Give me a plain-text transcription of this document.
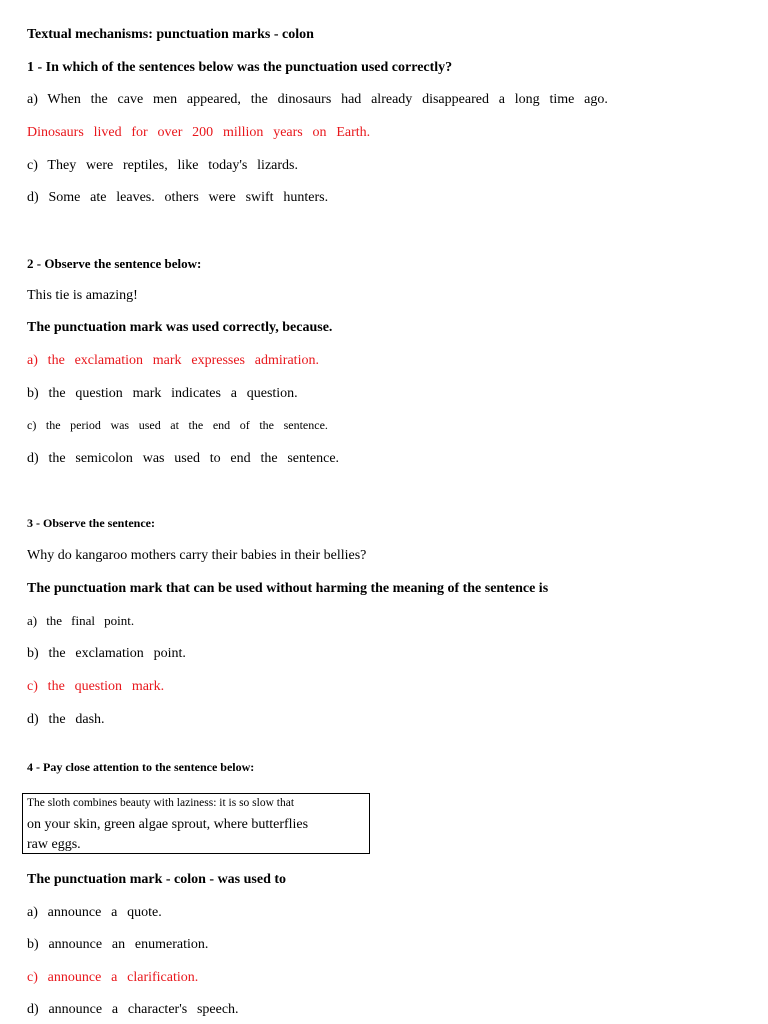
Textual mechanisms: punctuation marks - colon
1 - In which of the sentences below was the punctuation used correctly?
a) When the cave men appeared, the dinosaurs had already disappeared a long time ago.
Dinosaurs lived for over 200 million years on Earth.
c) They were reptiles, like today's lizards.
d) Some ate leaves. others were swift hunters.
2 - Observe the sentence below:
This tie is amazing!
The punctuation mark was used correctly, because.
a) the exclamation mark expresses admiration.
b) the question mark indicates a question.
c) the period was used at the end of the sentence.
d) the semicolon was used to end the sentence.
3 - Observe the sentence:
Why do kangaroo mothers carry their babies in their bellies?
The punctuation mark that can be used without harming the meaning of the sentence is
a) the final point.
b) the exclamation point.
c) the question mark.
d) the dash.
4 - Pay close attention to the sentence below:
The sloth combines beauty with laziness: it is so slow that
on your skin, green algae sprout, where butterflies
raw eggs.
The punctuation mark - colon - was used to
a) announce a quote.
b) announce an enumeration.
c) announce a clarification.
d) announce a character's speech.
